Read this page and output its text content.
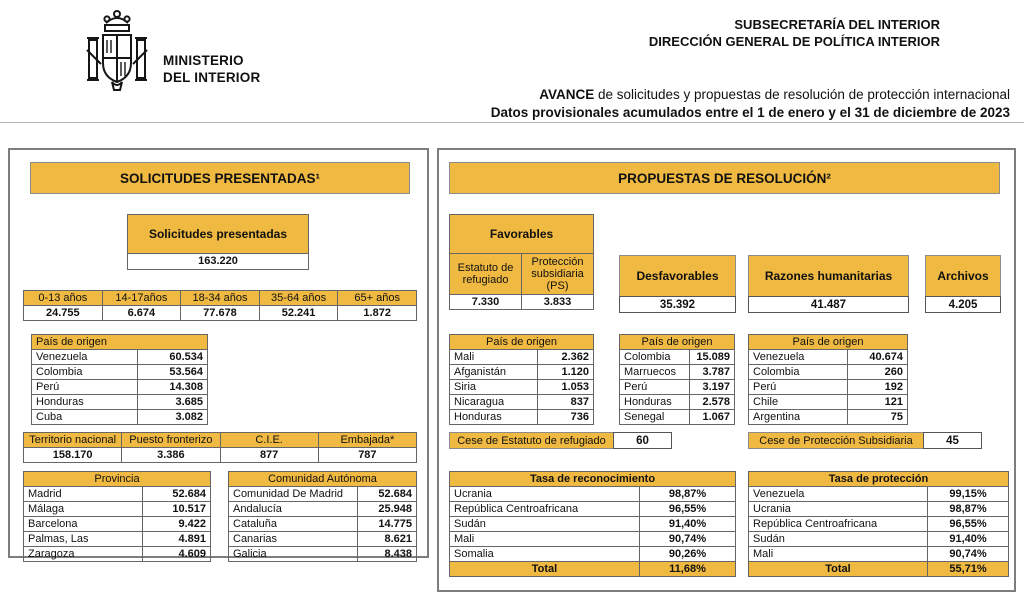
MINISTERIO
DEL INTERIOR
SUBSECRETARÍA DEL INTERIOR
DIRECCIÓN GENERAL DE POLÍTICA INTERIOR
AVANCE de solicitudes y propuestas de resolución de protección internacional
Datos provisionales acumulados entre el 1 de enero y el 31 de diciembre de 2023
SOLICITUDES PRESENTADAS¹
Solicitudes presentadas
163.220
0-13 años	14-17años	18-34 años	35-64 años	65+ años
24.755	6.674	77.678	52.241	1.872
País de origen	
Venezuela	60.534
Colombia	53.564
Perú	14.308
Honduras	3.685
Cuba	3.082
Territorio nacional	Puesto fronterizo	C.I.E.	Embajada*
158.170	3.386	877	787
Provincia	
Madrid	52.684
Málaga	10.517
Barcelona	9.422
Palmas, Las	4.891
Zaragoza	4.609
Comunidad Autónoma	
Comunidad De Madrid	52.684
Andalucía	25.948
Cataluña	14.775
Canarias	8.621
Galicia	8.438
PROPUESTAS DE RESOLUCIÓN²
Favorables	
Estatuto de refugiado	Protección subsidiaria (PS)
7.330	3.833
Desfavorables
35.392
Razones humanitarias
41.487
Archivos
4.205
País de origen	
Mali	2.362
Afganistán	1.120
Siria	1.053
Nicaragua	837
Honduras	736
País de origen	
Colombia	15.089
Marruecos	3.787
Perú	3.197
Honduras	2.578
Senegal	1.067
País de origen	
Venezuela	40.674
Colombia	260
Perú	192
Chile	121
Argentina	75
Cese de Estatuto de refugiado	60	Cese de Protección Subsidiaria	45
Tasa de reconocimiento	
Ucrania	98,87%
República Centroafricana	96,55%
Sudán	91,40%
Mali	90,74%
Somalia	90,26%
Total	11,68%
Tasa de protección	
Venezuela	99,15%
Ucrania	98,87%
República Centroafricana	96,55%
Sudán	91,40%
Mali	90,74%
Total	55,71%
